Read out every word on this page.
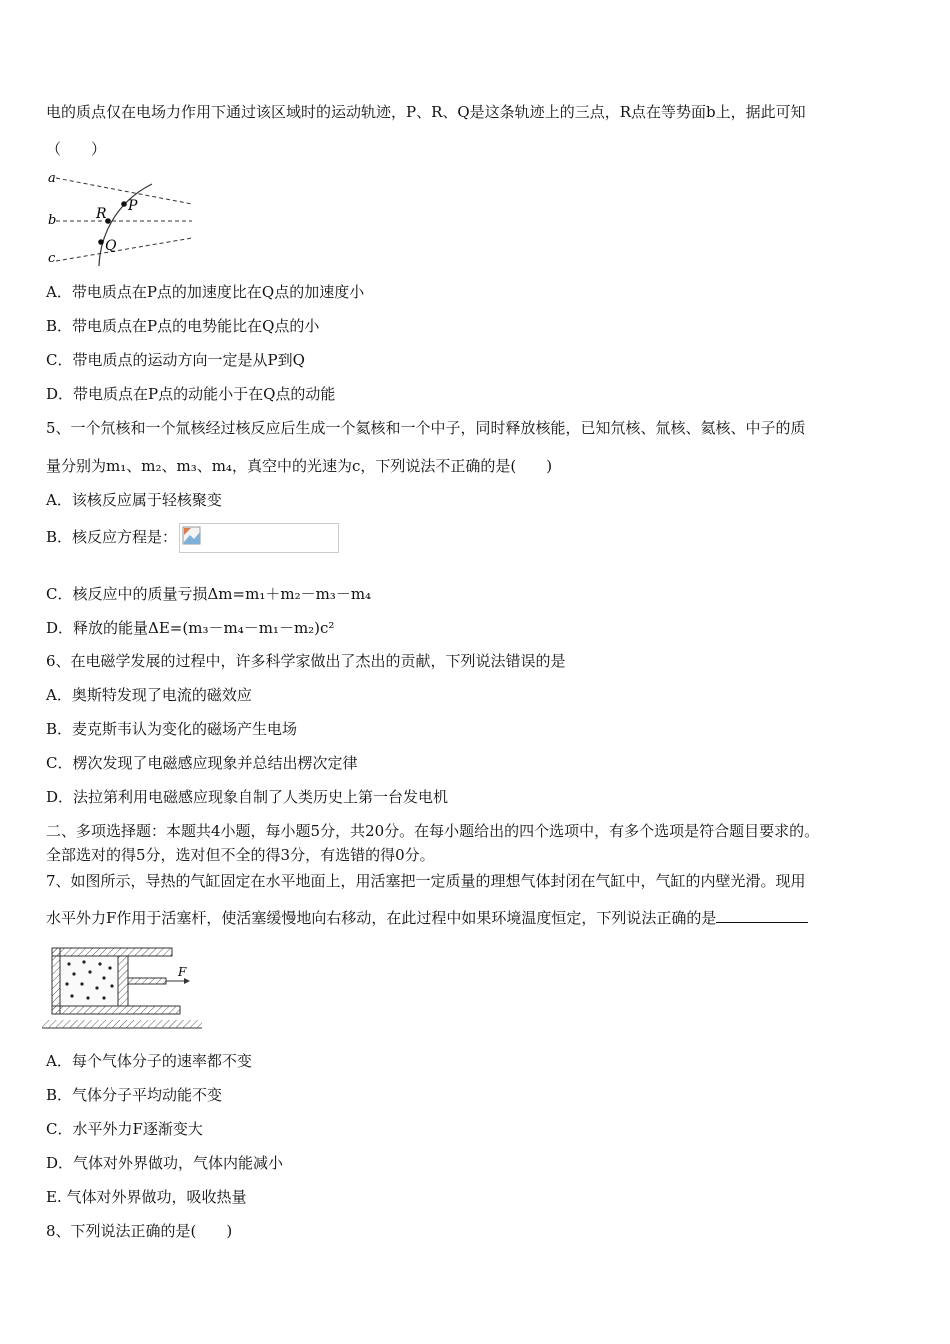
电的质点仅在电场力作用下通过该区域时的运动轨迹，P、R、Q是这条轨迹上的三点，R点在等势面b上，据此可知
（　　）
a
b
c
R P
Q
A．带电质点在P点的加速度比在Q点的加速度小
B．带电质点在P点的电势能比在Q点的小
C．带电质点的运动方向一定是从P到Q
D．带电质点在P点的动能小于在Q点的动能
5、一个氘核和一个氚核经过核反应后生成一个氦核和一个中子，同时释放核能，已知氘核、氚核、氦核、中子的质
量分别为m₁、m₂、m₃、m₄，真空中的光速为c，下列说法不正确的是(　　)
A．该核反应属于轻核聚变
B．核反应方程是：
C．核反应中的质量亏损Δm=m₁＋m₂－m₃－m₄
D．释放的能量ΔE=(m₃－m₄－m₁－m₂)c²
6、在电磁学发展的过程中，许多科学家做出了杰出的贡献，下列说法错误的是
A．奥斯特发现了电流的磁效应
B．麦克斯韦认为变化的磁场产生电场
C．楞次发现了电磁感应现象并总结出楞次定律
D．法拉第利用电磁感应现象自制了人类历史上第一台发电机
二、多项选择题：本题共4小题，每小题5分，共20分。在每小题给出的四个选项中，有多个选项是符合题目要求的。
全部选对的得5分，选对但不全的得3分，有选错的得0分。
7、如图所示，导热的气缸固定在水平地面上，用活塞把一定质量的理想气体封闭在气缸中，气缸的内壁光滑。现用
水平外力F作用于活塞杆，使活塞缓慢地向右移动，在此过程中如果环境温度恒定，下列说法正确的是
F
A．每个气体分子的速率都不变
B．气体分子平均动能不变
C．水平外力F逐渐变大
D．气体对外界做功，气体内能减小
E. 气体对外界做功，吸收热量
8、下列说法正确的是(　　)
